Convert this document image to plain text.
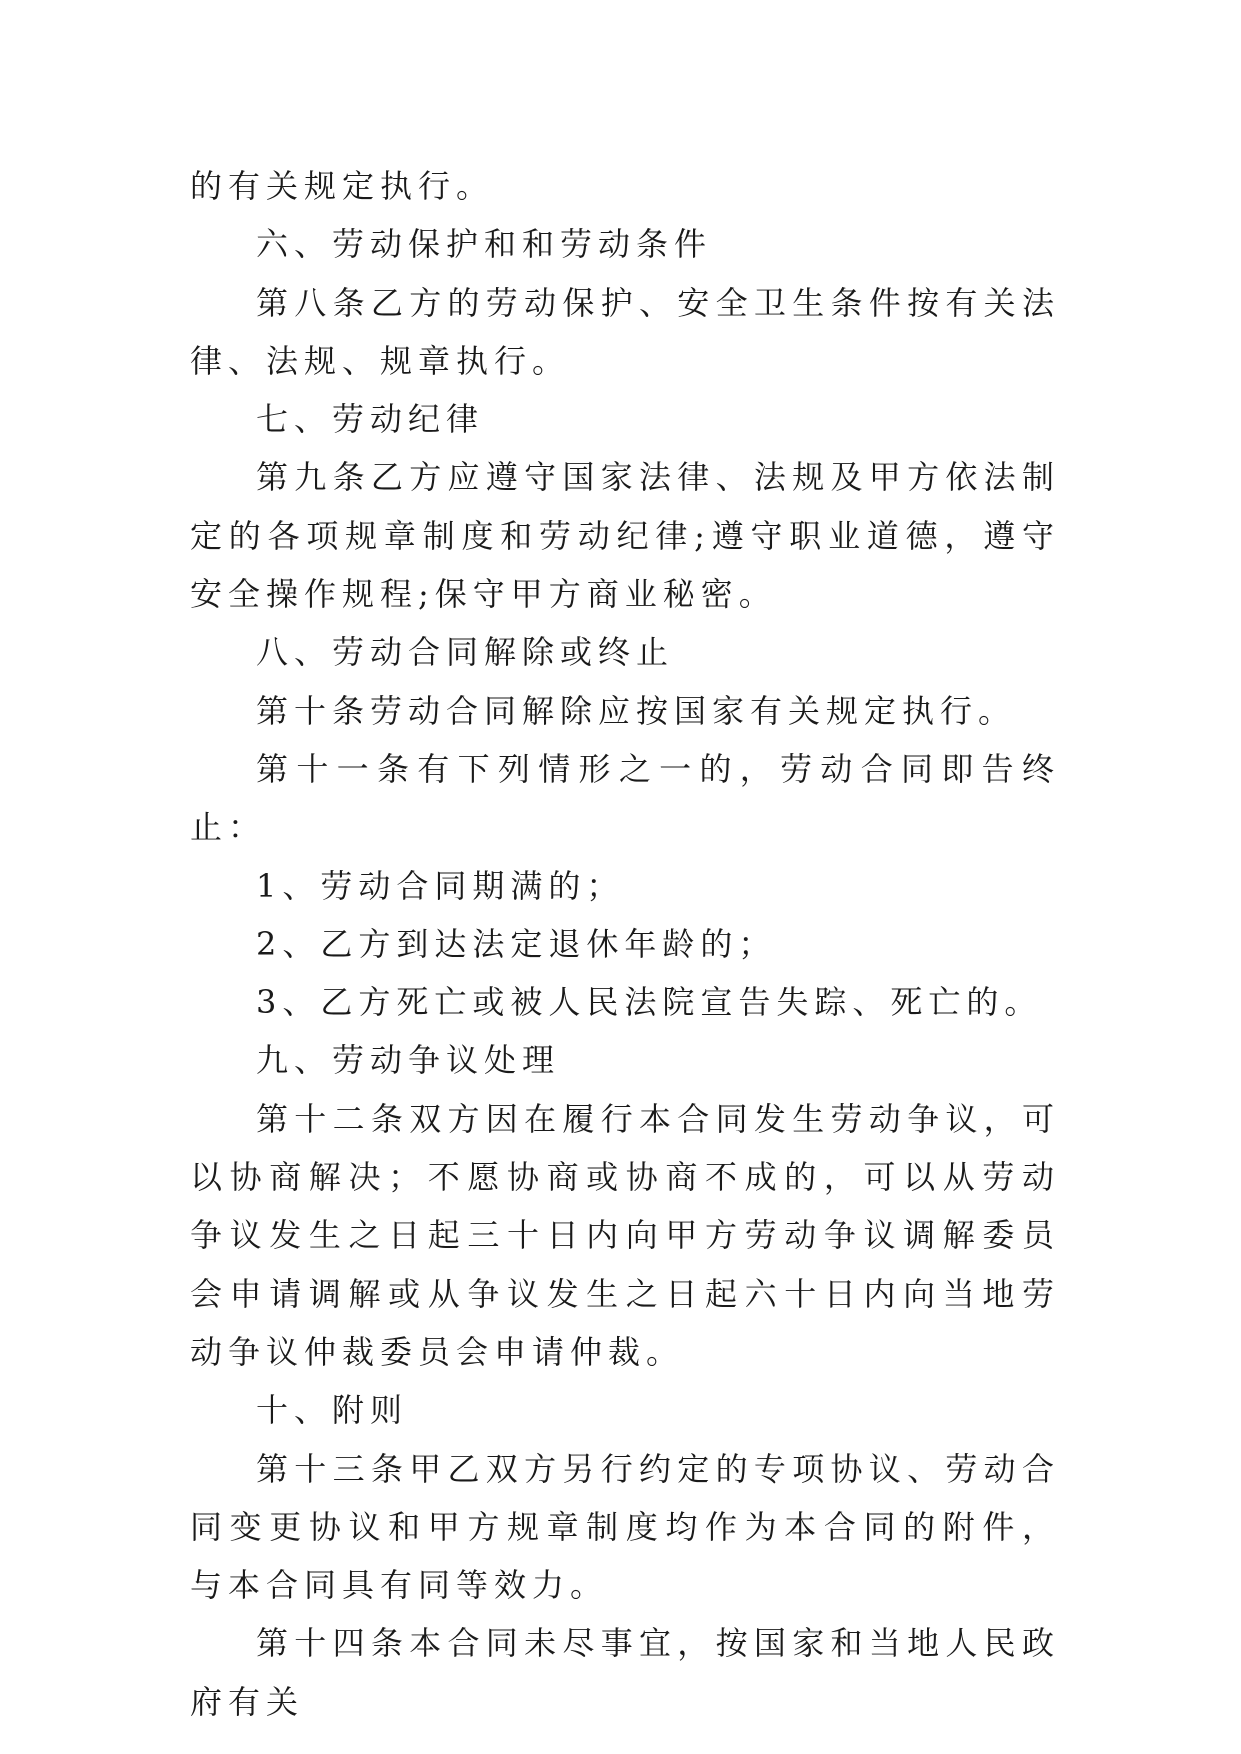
的有关规定执行。

六、劳动保护和和劳动条件

第八条乙方的劳动保护、安全卫生条件按有关法律、法规、规章执行。

七、劳动纪律

第九条乙方应遵守国家法律、法规及甲方依法制定的各项规章制度和劳动纪律;遵守职业道德，遵守安全操作规程;保守甲方商业秘密。

八、劳动合同解除或终止

第十条劳动合同解除应按国家有关规定执行。

第十一条有下列情形之一的，劳动合同即告终止：

1、劳动合同期满的；

2、乙方到达法定退休年龄的；

3、乙方死亡或被人民法院宣告失踪、死亡的。

九、劳动争议处理

第十二条双方因在履行本合同发生劳动争议，可以协商解决；不愿协商或协商不成的，可以从劳动争议发生之日起三十日内向甲方劳动争议调解委员会申请调解或从争议发生之日起六十日内向当地劳动争议仲裁委员会申请仲裁。

十、附则

第十三条甲乙双方另行约定的专项协议、劳动合同变更协议和甲方规章制度均作为本合同的附件，与本合同具有同等效力。

第十四条本合同未尽事宜，按国家和当地人民政府有关
